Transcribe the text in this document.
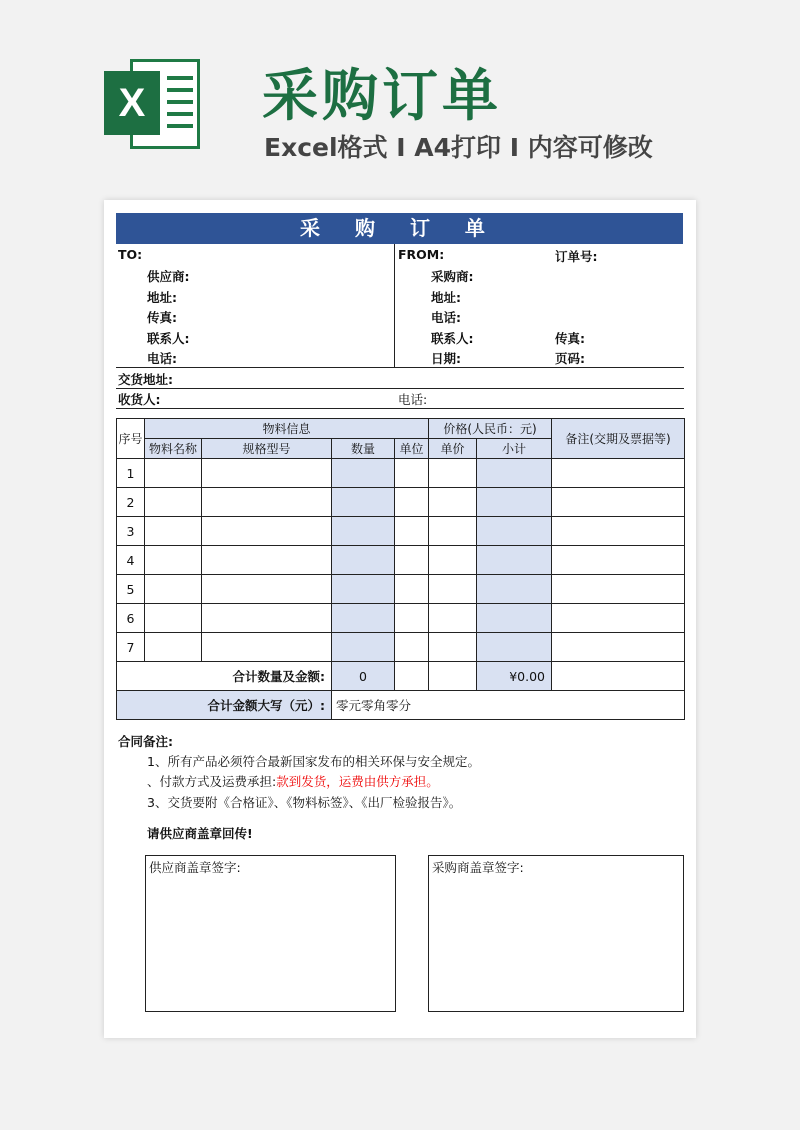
X 采购订单
Excel格式 I A4打印 I 内容可修改
采 购 订 单
TO:
供应商:
地址:
传真:
联系人:
电话:
FROM:	订单号:
采购商:
地址:
电话:
联系人:	传真:
日期:	页码:
交货地址:
收货人:	电话:
序号	物料信息				价格(人民币：元)		备注(交期及票据等)
	物料名称	规格型号	数量	单位	单价	小计	
1							
2							
3							
4							
5							
6							
7							
合计数量及金额:			0			¥0.00	
合计金额大写（元）:			零元零角零分				
合同备注:
1、所有产品必须符合最新国家发布的相关环保与安全规定。
、付款方式及运费承担:款到发货，运费由供方承担。
3、交货要附《合格证》、《物料标签》、《出厂检验报告》。
请供应商盖章回传!
供应商盖章签字:	采购商盖章签字:
